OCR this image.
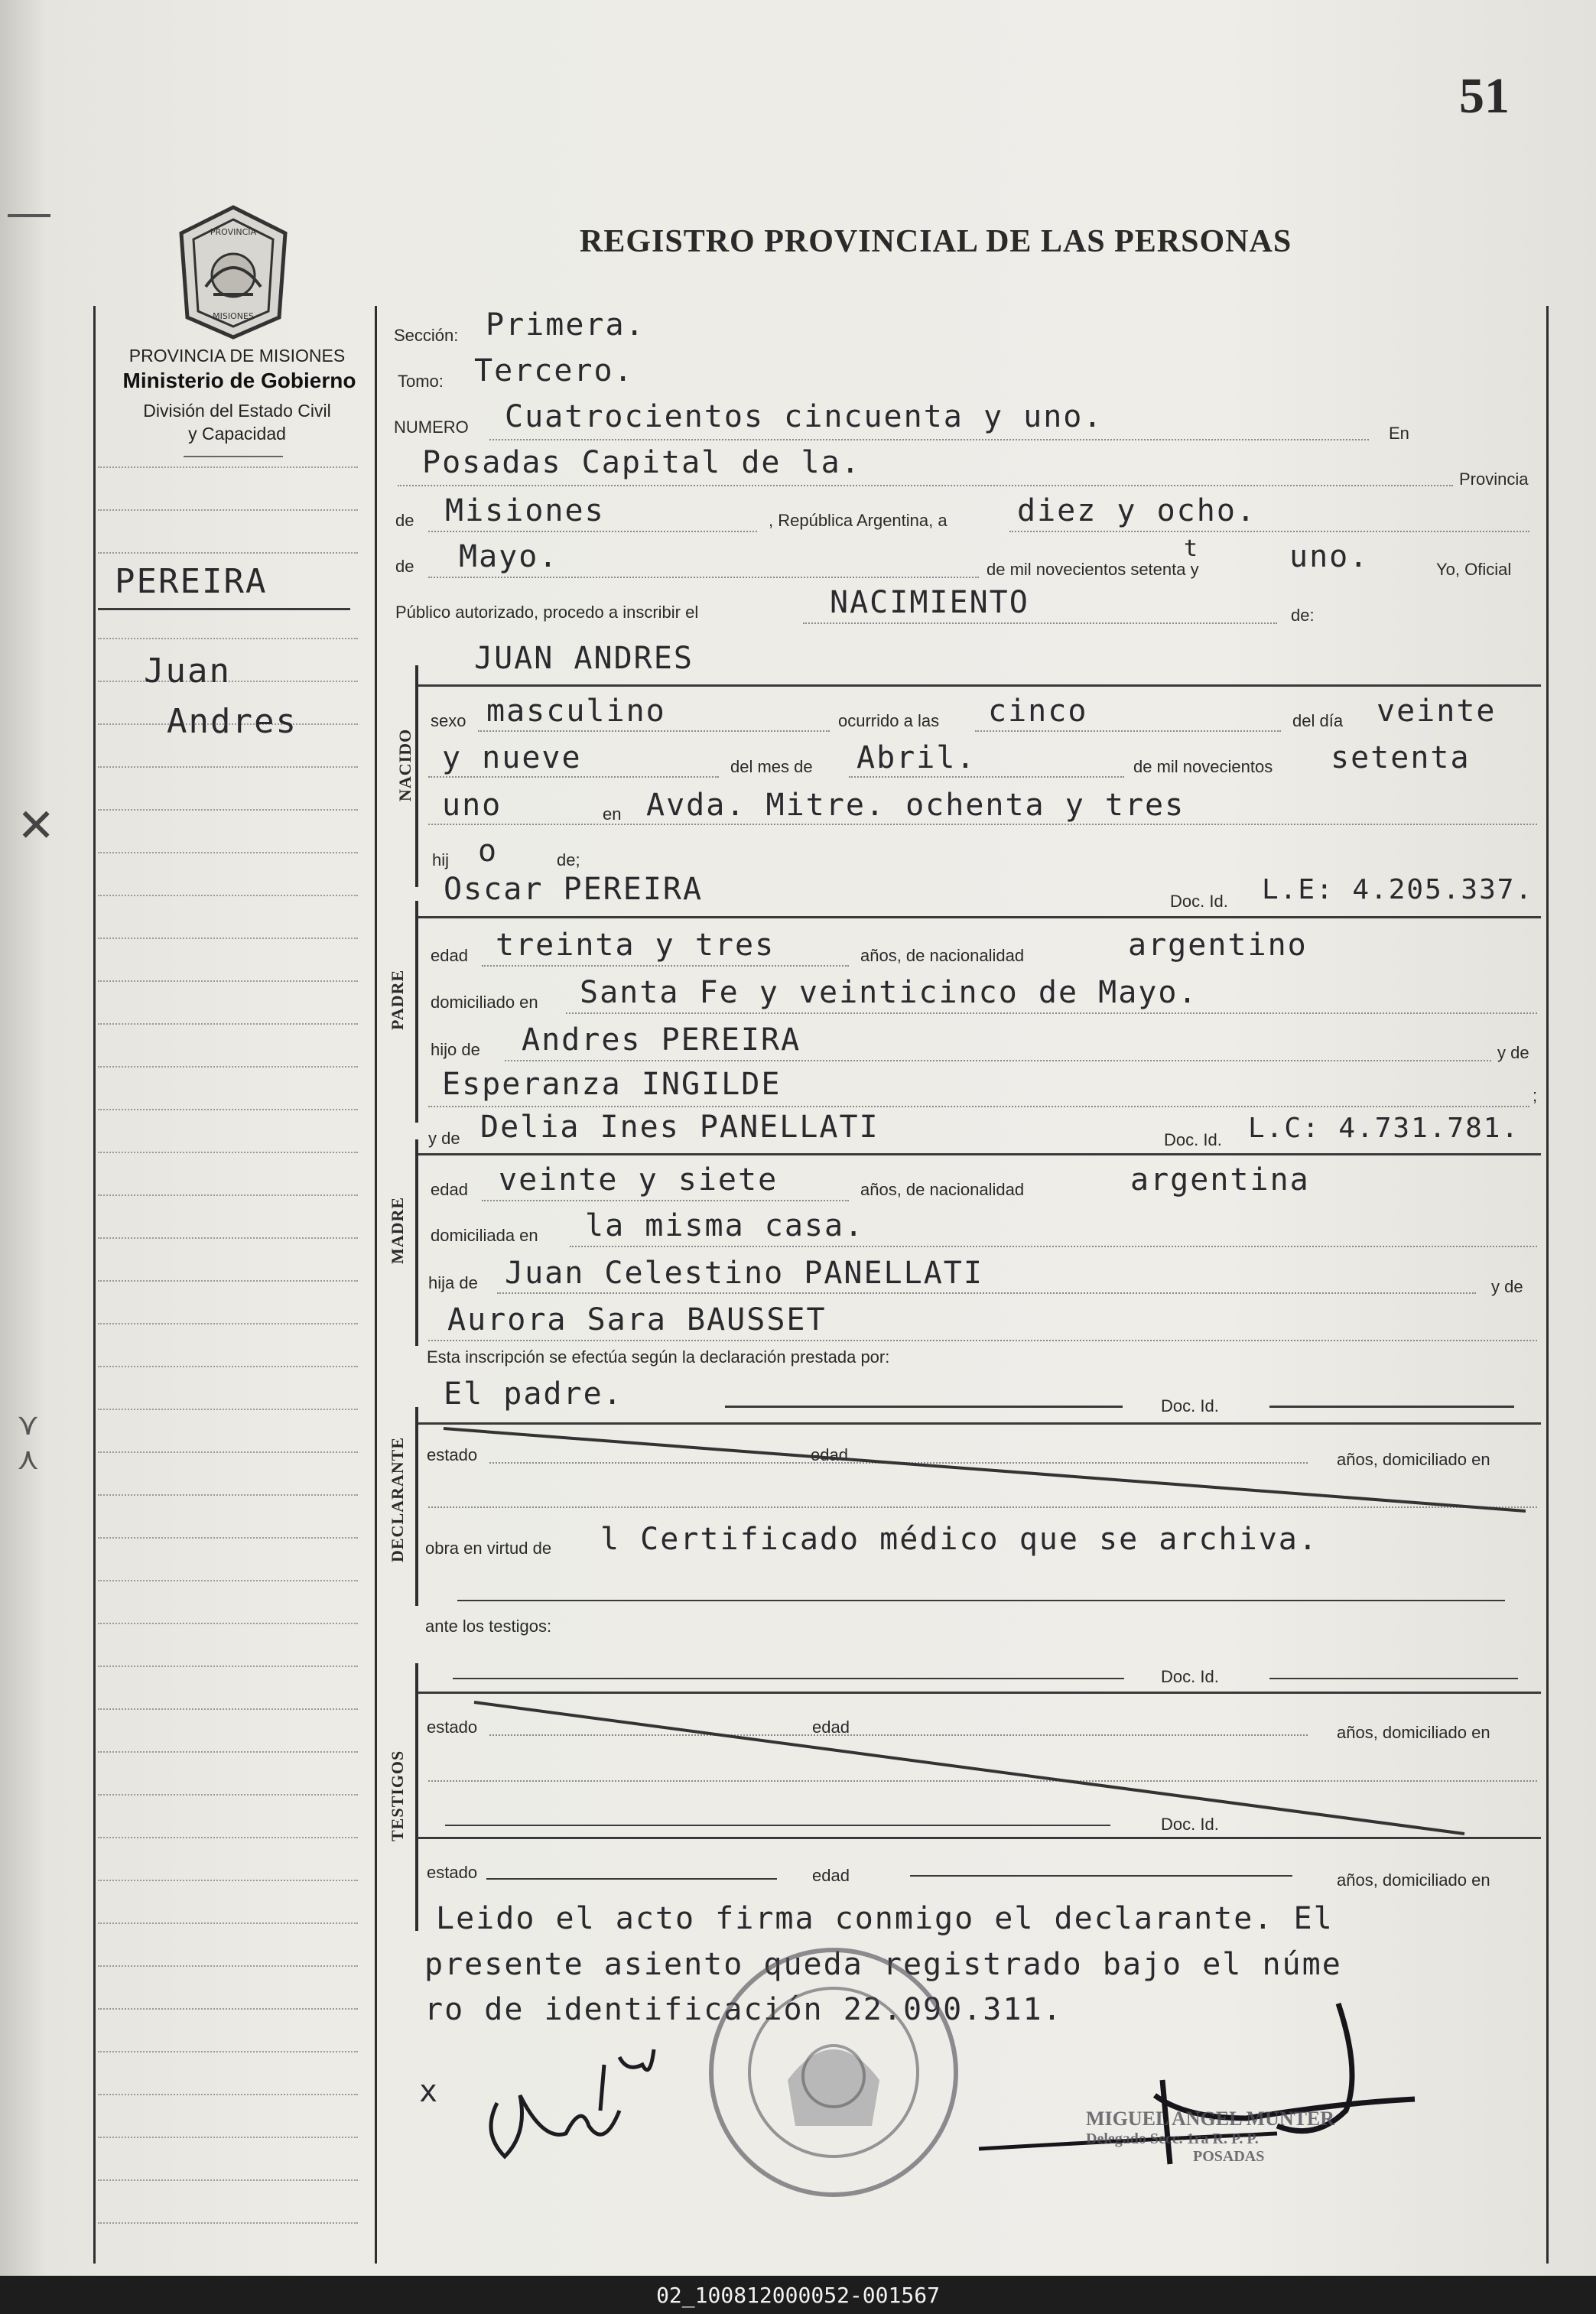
✕
⋎
⋏
51
REGISTRO PROVINCIAL DE LAS PERSONAS
PROVINCIA
MISIONES
PROVINCIA DE MISIONES
Ministerio de Gobierno
División del Estado Civil
y Capacidad
PEREIRA
Juan
Andres
Sección: Primera.
Tomo: Tercero.
NUMERO Cuatrocientos cincuenta y uno.	En
Posadas Capital de la.	Provincia
de Misiones	, República Argentina, a diez y ocho.
de Mayo.	de mil novecientos setenta y
t	uno.	Yo, Oficial
Público autorizado, procedo a inscribir el	NACIMIENTO	de:
JUAN ANDRES
NACIDO
sexo masculino	ocurrido a las cinco	del día veinte
y nueve	del mes de Abril.	de mil novecientos setenta
uno	en Avda. Mitre. ochenta y tres
hij o	de;
Oscar PEREIRA	Doc. Id. L.E: 4.205.337.
PADRE
edad treinta y tres	años, de nacionalidad	argentino
domiciliado en Santa Fe y veinticinco de Mayo.
hijo de Andres PEREIRA	y de
Esperanza INGILDE	;
y de Delia Ines PANELLATI	Doc. Id. L.C: 4.731.781.
MADRE
edad veinte y siete	años, de nacionalidad	argentina
domiciliada en la misma casa.
hija de Juan Celestino PANELLATI	y de
Aurora Sara BAUSSET
Esta inscripción se efectúa según la declaración prestada por:
El padre.	Doc. Id.
DECLARANTE estado	edad	años, domiciliado en
obra en virtud de l Certificado médico que se archiva.
ante los testigos:
Doc. Id.
TESTIGOS
estado	edad	años, domiciliado en
Doc. Id.
estado	edad	años, domiciliado en
Leido el acto firma conmigo el declarante. El
presente asiento queda registrado bajo el núme
ro de identificación 22.090.311.
x
MIGUEL ANGEL MUNTER
Delegado Secc. 1ra R. P. P.
POSADAS
02_100812000052-001567
